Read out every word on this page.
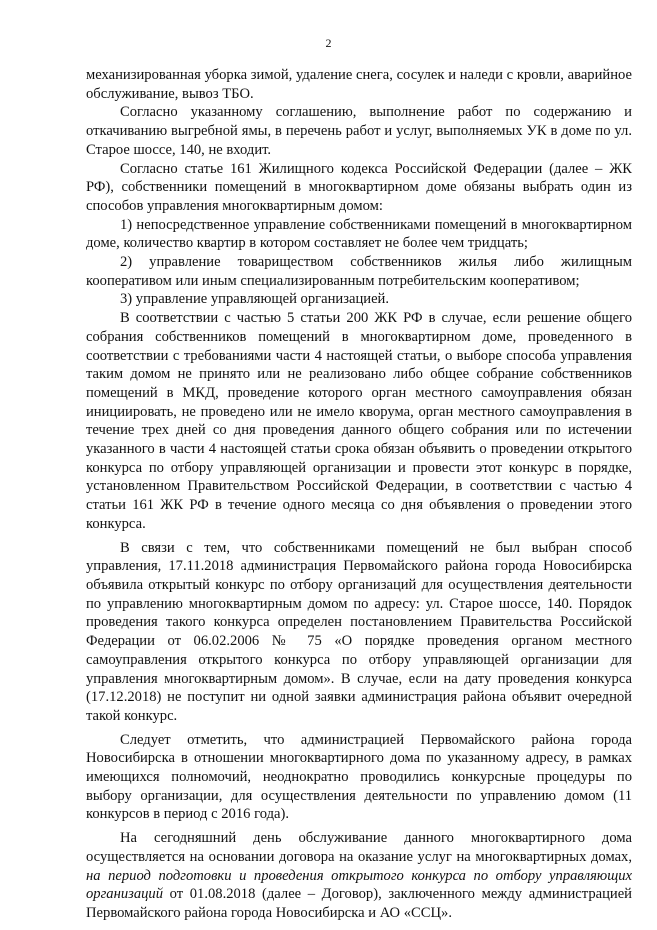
2

механизированная уборка зимой, удаление снега, сосулек и наледи с кровли, аварийное обслуживание, вывоз ТБО.

Согласно указанному соглашению, выполнение работ по содержанию и откачиванию выгребной ямы, в перечень работ и услуг, выполняемых УК в доме по ул. Старое шоссе, 140, не входит.

Согласно статье 161 Жилищного кодекса Российской Федерации (далее – ЖК РФ), собственники помещений в многоквартирном доме обязаны выбрать один из способов управления многоквартирным домом:

1) непосредственное управление собственниками помещений в многоквартирном доме, количество квартир в котором составляет не более чем тридцать;

2) управление товариществом собственников жилья либо жилищным кооперативом или иным специализированным потребительским кооперативом;

3) управление управляющей организацией.

В соответствии с частью 5 статьи 200 ЖК РФ в случае, если решение общего собрания собственников помещений в многоквартирном доме, проведенного в соответствии с требованиями части 4 настоящей статьи, о выборе способа управления таким домом не принято или не реализовано либо общее собрание собственников помещений в МКД, проведение которого орган местного самоуправления обязан инициировать, не проведено или не имело кворума, орган местного самоуправления в течение трех дней со дня проведения данного общего собрания или по истечении указанного в части 4 настоящей статьи срока обязан объявить о проведении открытого конкурса по отбору управляющей организации и провести этот конкурс в порядке, установленном Правительством Российской Федерации, в соответствии с частью 4 статьи 161 ЖК РФ в течение одного месяца со дня объявления о проведении этого конкурса.

В связи с тем, что собственниками помещений не был выбран способ управления, 17.11.2018 администрация Первомайского района города Новосибирска объявила открытый конкурс по отбору организаций для осуществления деятельности по управлению многоквартирным домом по адресу: ул. Старое шоссе, 140. Порядок проведения такого конкурса определен постановлением Правительства Российской Федерации от 06.02.2006 № 75 «О порядке проведения органом местного самоуправления открытого конкурса по отбору управляющей организации для управления многоквартирным домом». В случае, если на дату проведения конкурса (17.12.2018) не поступит ни одной заявки администрация района объявит очередной такой конкурс.

Следует отметить, что администрацией Первомайского района города Новосибирска в отношении многоквартирного дома по указанному адресу, в рамках имеющихся полномочий, неоднократно проводились конкурсные процедуры по выбору организации, для осуществления деятельности по управлению домом (11 конкурсов в период с 2016 года).

На сегодняшний день обслуживание данного многоквартирного дома осуществляется на основании договора на оказание услуг на многоквартирных домах, на период подготовки и проведения открытого конкурса по отбору управляющих организаций от 01.08.2018 (далее – Договор), заключенного между администрацией Первомайского района города Новосибирска и АО «ССЦ».
